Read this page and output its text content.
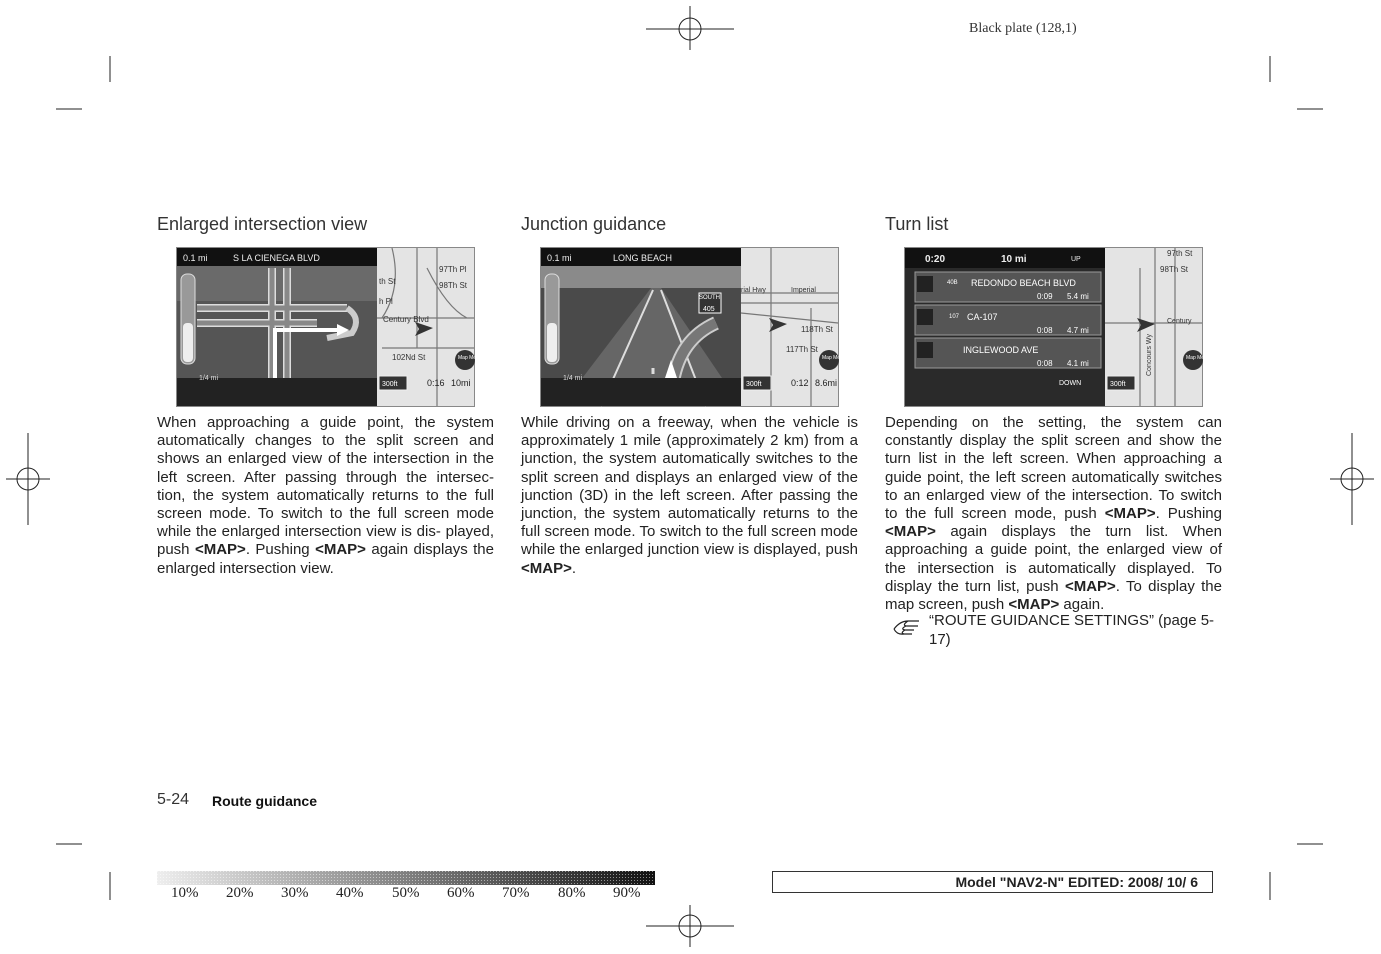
Black plate (128,1)
Enlarged intersection view
0.1 mi	S LA CIENEGA BLVD
1/4 mi
97Th Pl
98Th St
Century Blvd
102Nd St
th St
h Pl
Map Menu
300ft	0:16 10mi
When approaching a guide point, the system automatically changes to the split screen and shows an enlarged view of the intersection in the left screen. After passing through the intersec- tion, the system automatically returns to the full screen mode. To switch to the full screen mode while the enlarged intersection view is dis- played, push <MAP>. Pushing <MAP> again displays the enlarged intersection view.
Junction guidance
0.1 mi	LONG BEACH
SOUTH
405
1/4 mi
rial Hwy	Imperial
118Th St
117Th St
Map Menu
300ft	0:12 8.6mi
While driving on a freeway, when the vehicle is approximately 1 mile (approximately 2 km) from a junction, the system automatically switches to the split screen and displays an enlarged view of the junction (3D) in the left screen. After passing the junction, the system automatically returns to the full screen mode. To switch to the full screen mode while the enlarged junction view is displayed, push <MAP>.
Turn list
0:20	10 mi	UP
40B REDONDO BEACH BLVD
0:09 5.4 mi
107 CA-107
0:08 4.7 mi
INGLEWOOD AVE
0:08 4.1 mi
DOWN
97th St
98Th St
Century
Map Menu
300ft
Concours Wy
Depending on the setting, the system can constantly display the split screen and show the turn list in the left screen. When approaching a guide point, the left screen automatically switches to an enlarged view of the intersection. To switch to the full screen mode, push <MAP>. Pushing <MAP> again displays the turn list. When approaching a guide point, the enlarged view of the intersection is automatically displayed. To display the turn list, push <MAP>. To display the map screen, push <MAP> again.
“ROUTE GUIDANCE SETTINGS” (page 5-17)
5-24 Route guidance
10% 20% 30% 40% 50% 60% 70% 80% 90%
Model "NAV2-N" EDITED: 2008/ 10/ 6
